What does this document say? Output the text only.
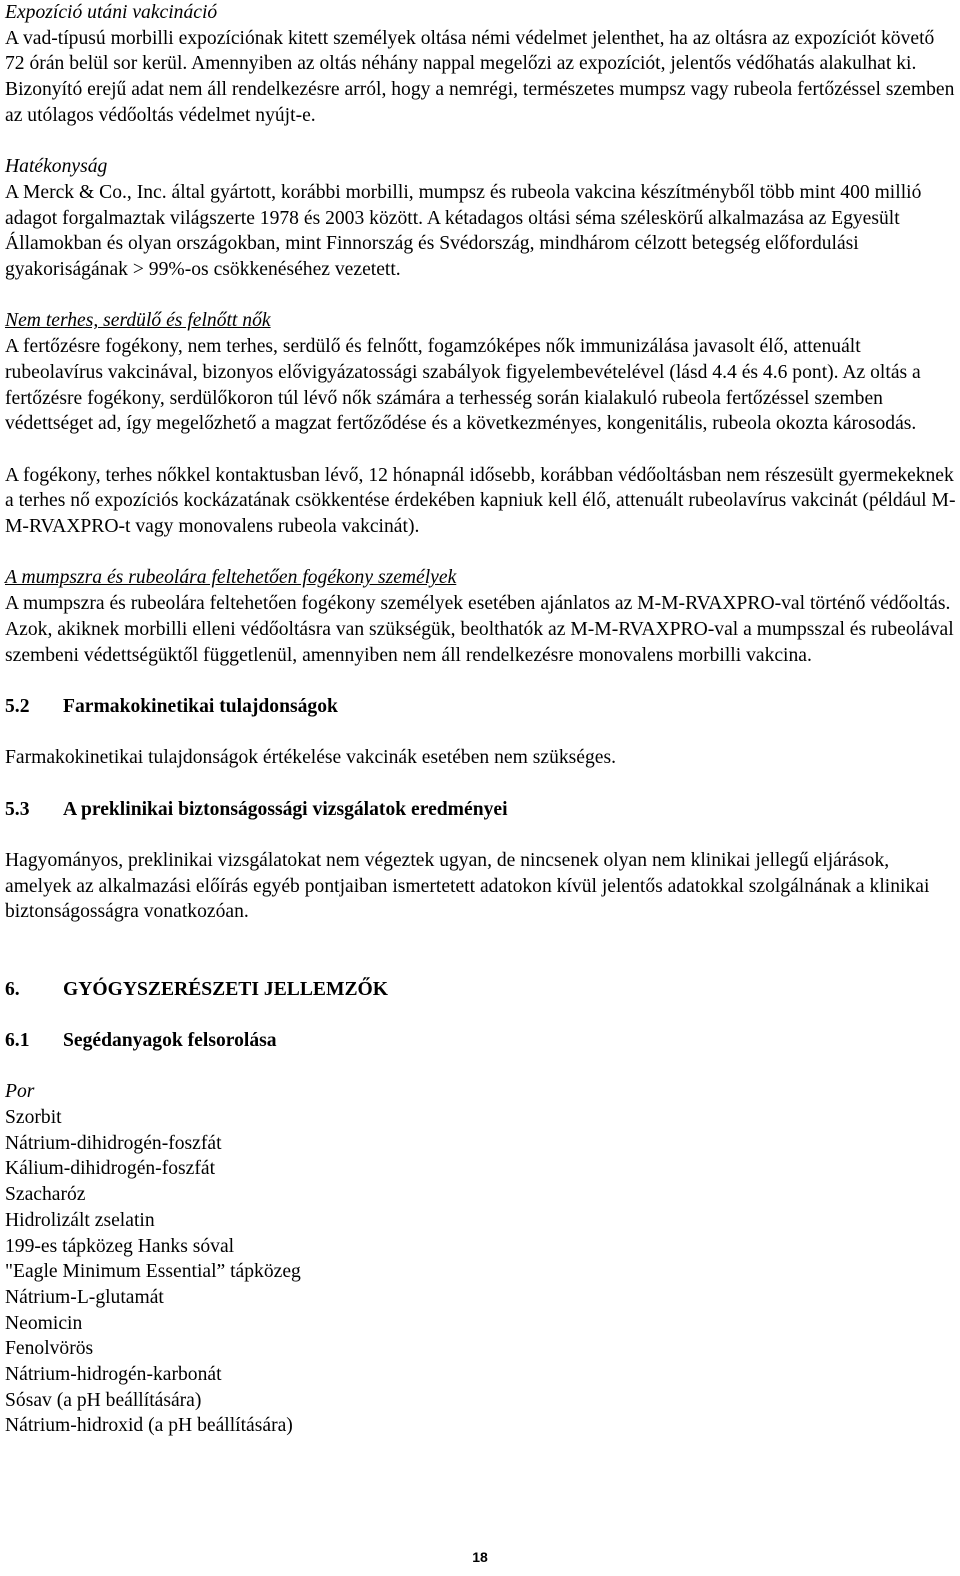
Expozíció utáni vakcináció

A vad-típusú morbilli expozíciónak kitett személyek oltása némi védelmet jelenthet, ha az oltásra az expozíciót követő 72 órán belül sor kerül. Amennyiben az oltás néhány nappal megelőzi az expozíciót, jelentős védőhatás alakulhat ki. Bizonyító erejű adat nem áll rendelkezésre arról, hogy a nemrégi, természetes mumpsz vagy rubeola fertőzéssel szemben az utólagos védőoltás védelmet nyújt-e.

Hatékonyság

A Merck & Co., Inc. által gyártott, korábbi morbilli, mumpsz és rubeola vakcina készítményből több mint 400 millió adagot forgalmaztak világszerte 1978 és 2003 között. A kétadagos oltási séma széleskörű alkalmazása az Egyesült Államokban és olyan országokban, mint Finnország és Svédország, mindhárom célzott betegség előfordulási gyakoriságának > 99%-os csökkenéséhez vezetett.

Nem terhes, serdülő és felnőtt nők

A fertőzésre fogékony, nem terhes, serdülő és felnőtt, fogamzóképes nők immunizálása javasolt élő, attenuált rubeolavírus vakcinával, bizonyos elővigyázatossági szabályok figyelembevételével (lásd 4.4 és 4.6 pont). Az oltás a fertőzésre fogékony, serdülőkoron túl lévő nők számára a terhesség során kialakuló rubeola fertőzéssel szemben védettséget ad, így megelőzhető a magzat fertőződése és a következményes, kongenitális, rubeola okozta károsodás.

A fogékony, terhes nőkkel kontaktusban lévő, 12 hónapnál idősebb, korábban védőoltásban nem részesült gyermekeknek a terhes nő expozíciós kockázatának csökkentése érdekében kapniuk kell élő, attenuált rubeolavírus vakcinát (például M-M-RVAXPRO-t vagy monovalens rubeola vakcinát).

A mumpszra és rubeolára feltehetően fogékony személyek

A mumpszra és rubeolára feltehetően fogékony személyek esetében ajánlatos az M-M-RVAXPRO-val történő védőoltás. Azok, akiknek morbilli elleni védőoltásra van szükségük, beolthatók az M-M-RVAXPRO-val a mumpsszal és rubeolával szembeni védettségüktől függetlenül, amennyiben nem áll rendelkezésre monovalens morbilli vakcina.

5.2	Farmakokinetikai tulajdonságok

Farmakokinetikai tulajdonságok értékelése vakcinák esetében nem szükséges.

5.3	A preklinikai biztonságossági vizsgálatok eredményei

Hagyományos, preklinikai vizsgálatokat nem végeztek ugyan, de nincsenek olyan nem klinikai jellegű eljárások, amelyek az alkalmazási előírás egyéb pontjaiban ismertetett adatokon kívül jelentős adatokkal szolgálnának a klinikai biztonságosságra vonatkozóan.

6.	GYÓGYSZERÉSZETI JELLEMZŐK
6.1	Segédanyagok felsorolása

Por

Szorbit
Nátrium-dihidrogén-foszfát
Kálium-dihidrogén-foszfát
Szacharóz
Hidrolizált zselatin
199-es tápközeg Hanks sóval
"Eagle Minimum Essential” tápközeg
Nátrium-L-glutamát
Neomicin
Fenolvörös
Nátrium-hidrogén-karbonát
Sósav (a pH beállítására)
Nátrium-hidroxid (a pH beállítására)
18
